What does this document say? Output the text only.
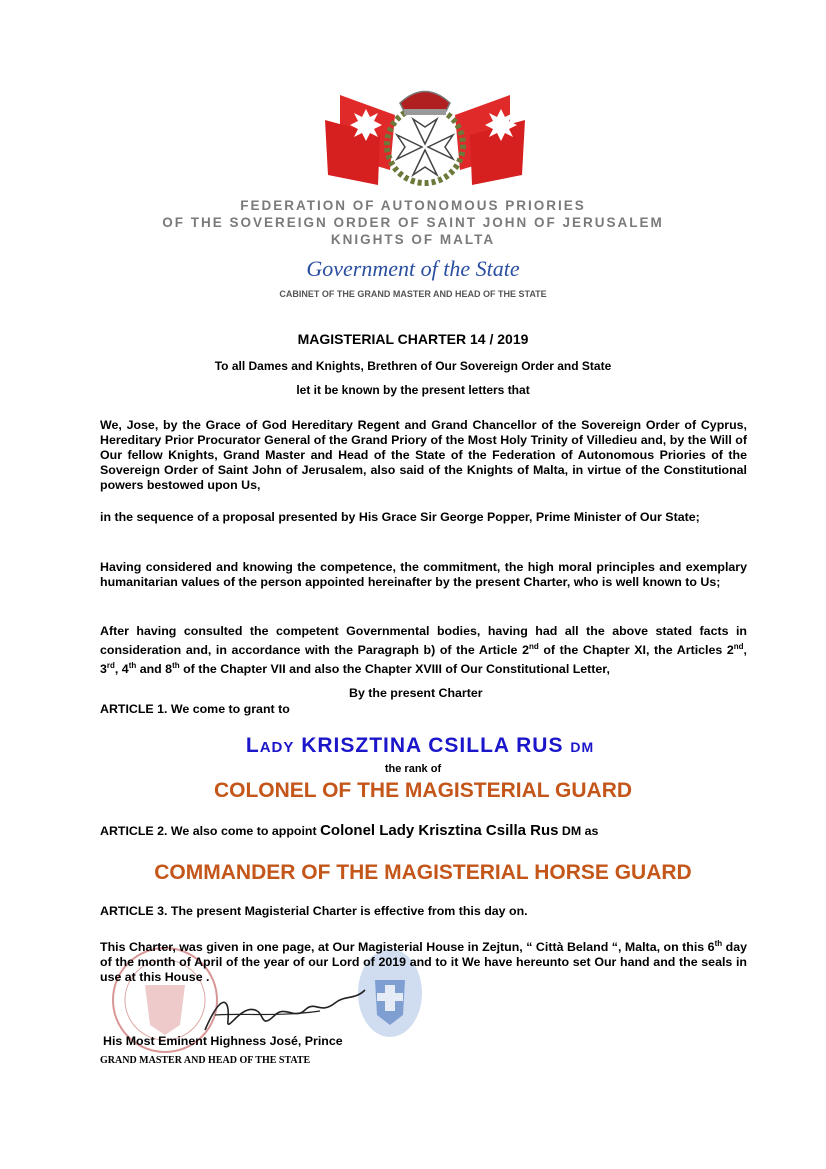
FEDERATION OF AUTONOMOUS PRIORIES
OF THE SOVEREIGN ORDER OF SAINT JOHN OF JERUSALEM
KNIGHTS OF MALTA
Government of the State
CABINET OF THE GRAND MASTER AND HEAD OF THE STATE
MAGISTERIAL CHARTER 14 / 2019
To all Dames and Knights, Brethren of Our Sovereign Order and State
let it be known by the present letters that
We, Jose, by the Grace of God Hereditary Regent and Grand Chancellor of the Sovereign Order of Cyprus, Hereditary Prior Procurator General of the Grand Priory of the Most Holy Trinity of Villedieu and, by the Will of Our fellow Knights, Grand Master and Head of the State of the Federation of Autonomous Priories of the Sovereign Order of Saint John of Jerusalem, also said of the Knights of Malta, in virtue of the Constitutional powers bestowed upon Us,
in the sequence of a proposal presented by His Grace Sir George Popper, Prime Minister of Our State;
Having considered and knowing the competence, the commitment, the high moral principles and exemplary humanitarian values of the person appointed hereinafter by the present Charter, who is well known to Us;
After having consulted the competent Governmental bodies, having had all the above stated facts in consideration and, in accordance with the Paragraph b) of the Article 2nd of the Chapter XI, the Articles 2nd, 3rd, 4th and 8th of the Chapter VII and also the Chapter XVIII of Our Constitutional Letter,
By the present Charter
ARTICLE 1. We come to grant to
Lady KRISZTINA CSILLA RUS DM
the rank of
COLONEL OF THE MAGISTERIAL GUARD
ARTICLE 2. We also come to appoint Colonel Lady Krisztina Csilla Rus DM as
COMMANDER OF THE MAGISTERIAL HORSE GUARD
ARTICLE 3. The present Magisterial Charter is effective from this day on.
This Charter, was given in one page, at Our Magisterial House in Zejtun, “ Città Beland “, Malta, on this 6th day of the month of April of the year of our Lord of 2019 and to it We have hereunto set Our hand and the seals in use at this House .
His Most Eminent Highness José, Prince
GRAND MASTER AND HEAD OF THE STATE
